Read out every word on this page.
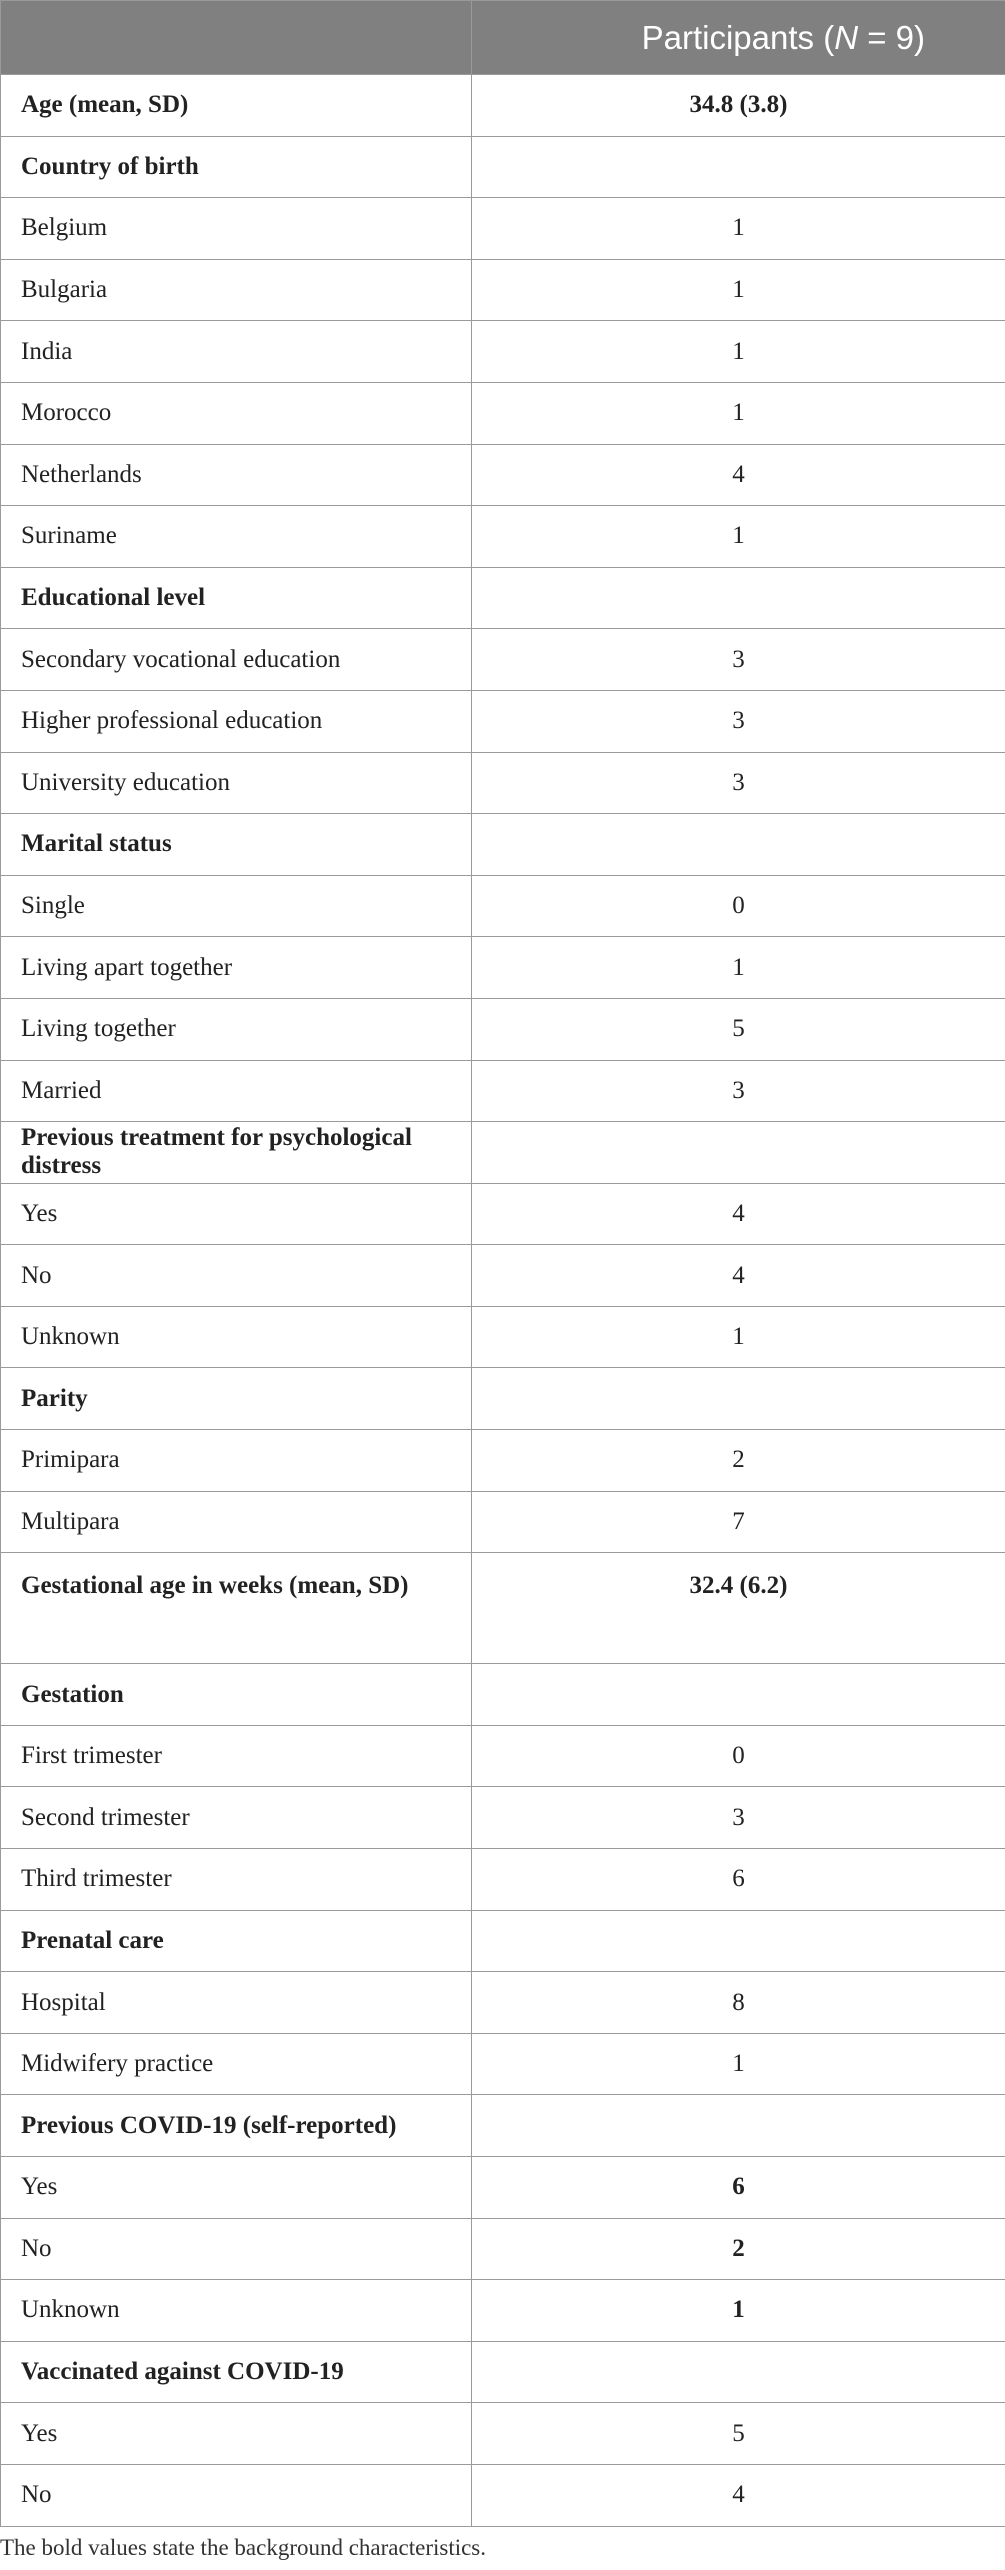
	Participants (N = 9)
Age (mean, SD)	34.8 (3.8)
Country of birth	
Belgium	1
Bulgaria	1
India	1
Morocco	1
Netherlands	4
Suriname	1
Educational level	
Secondary vocational education	3
Higher professional education	3
University education	3
Marital status	
Single	0
Living apart together	1
Living together	5
Married	3
Previous treatment for psychological distress	
Yes	4
No	4
Unknown	1
Parity	
Primipara	2
Multipara	7
Gestational age in weeks (mean, SD)	32.4 (6.2)
Gestation	
First trimester	0
Second trimester	3
Third trimester	6
Prenatal care	
Hospital	8
Midwifery practice	1
Previous COVID-19 (self-reported)	
Yes	6
No	2
Unknown	1
Vaccinated against COVID-19	
Yes	5
No	4
The bold values state the background characteristics.
